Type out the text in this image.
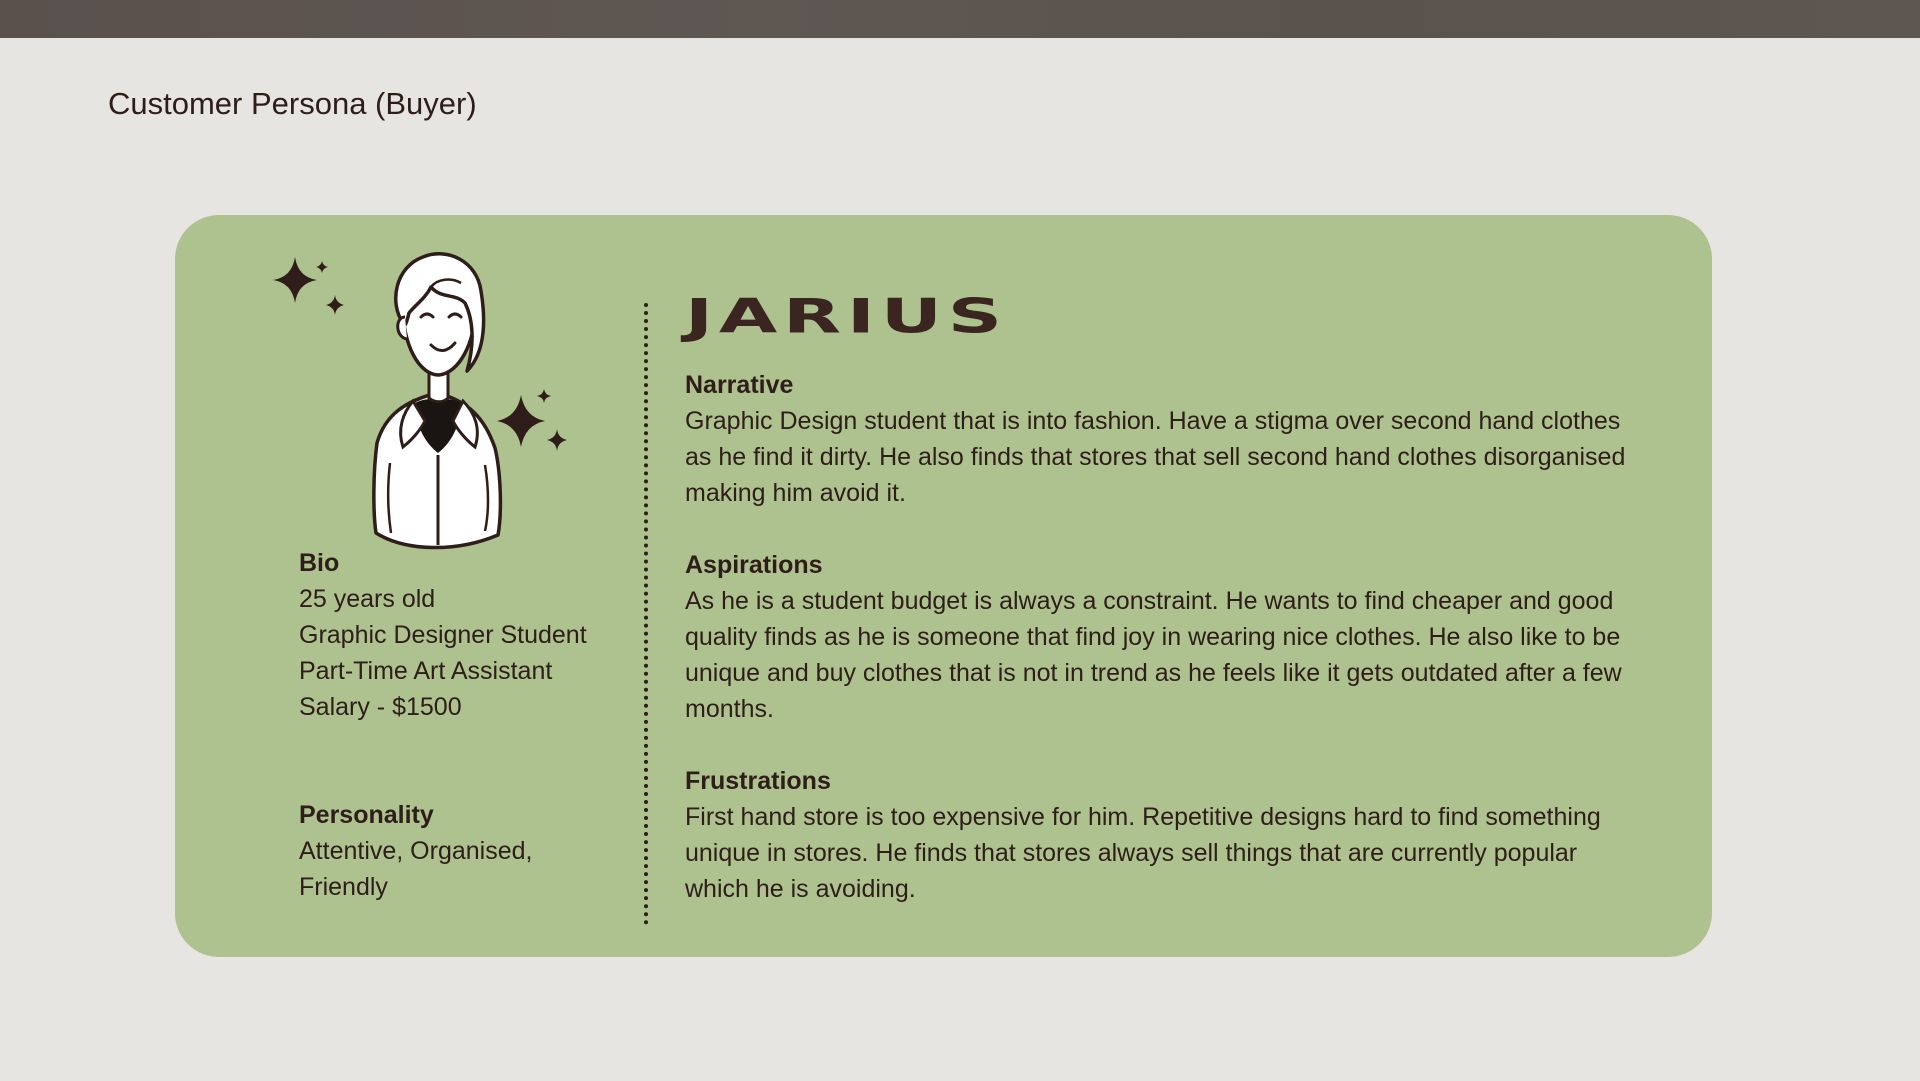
Customer Persona (Buyer)
Bio
25 years old
Graphic Designer Student
Part-Time Art Assistant
Salary - $1500
Personality
Attentive, Organised,
Friendly
JARIUS
Narrative
Graphic Design student that is into fashion. Have a stigma over second hand clothes as he find it dirty. He also finds that stores that sell second hand clothes disorganised making him avoid it.
Aspirations
As he is a student budget is always a constraint. He wants to find cheaper and good quality finds as he is someone that find joy in wearing nice clothes. He also like to be unique and buy clothes that is not in trend as he feels like it gets outdated after a few months.
Frustrations
First hand store is too expensive for him. Repetitive designs hard to find something unique in stores. He finds that stores always sell things that are currently popular which he is avoiding.
